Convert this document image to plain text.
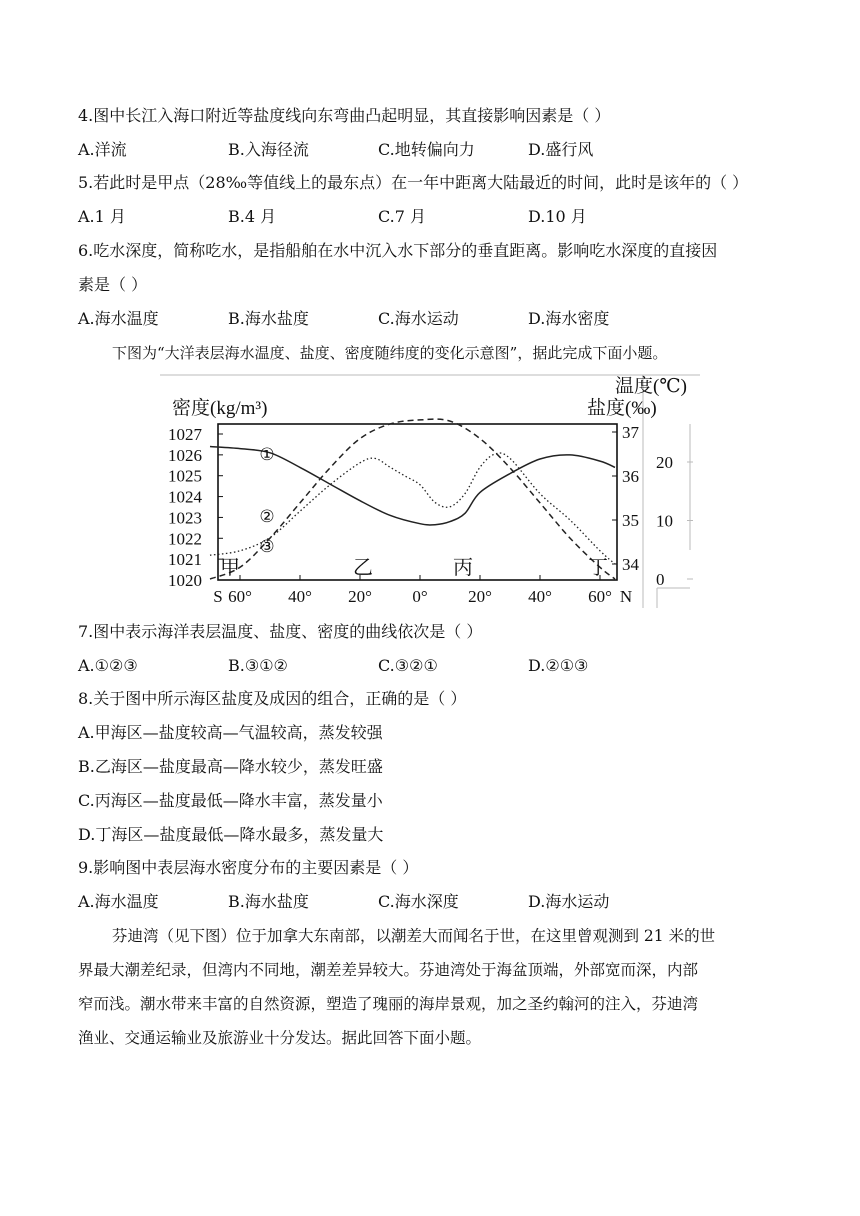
4.图中长江入海口附近等盐度线向东弯曲凸起明显，其直接影响因素是（ ）
A.洋流	B.入海径流	C.地转偏向力	D.盛行风
5.若此时是甲点（28‰等值线上的最东点）在一年中距离大陆最近的时间，此时是该年的（ ）
A.1 月	B.4 月	C.7 月	D.10 月
6.吃水深度，简称吃水，是指船舶在水中沉入水下部分的垂直距离。影响吃水深度的直接因
素是（ ）
A.海水温度	B.海水盐度	C.海水运动	D.海水密度
下图为“大洋表层海水温度、盐度、密度随纬度的变化示意图”，据此完成下面小题。
密度(kg/m³)	盐度(‰)
温度(℃)
1027
1026
1025
1024
1023
1022
1021
1020
37
36
35
34
20
10
0
S 60° 40° 20° 0° 20° 40° 60° N
①
②
③
甲	乙	丙	丁
7.图中表示海洋表层温度、盐度、密度的曲线依次是（ ）
A.①②③	B.③①②	C.③②①	D.②①③
8.关于图中所示海区盐度及成因的组合，正确的是（ ）
A.甲海区—盐度较高—气温较高，蒸发较强
B.乙海区—盐度最高—降水较少，蒸发旺盛
C.丙海区—盐度最低—降水丰富，蒸发量小
D.丁海区—盐度最低—降水最多，蒸发量大
9.影响图中表层海水密度分布的主要因素是（ ）
A.海水温度	B.海水盐度	C.海水深度	D.海水运动
芬迪湾（见下图）位于加拿大东南部，以潮差大而闻名于世，在这里曾观测到 21 米的世
界最大潮差纪录，但湾内不同地，潮差差异较大。芬迪湾处于海盆顶端，外部宽而深，内部
窄而浅。潮水带来丰富的自然资源，塑造了瑰丽的海岸景观，加之圣约翰河的注入，芬迪湾
渔业、交通运输业及旅游业十分发达。据此回答下面小题。
